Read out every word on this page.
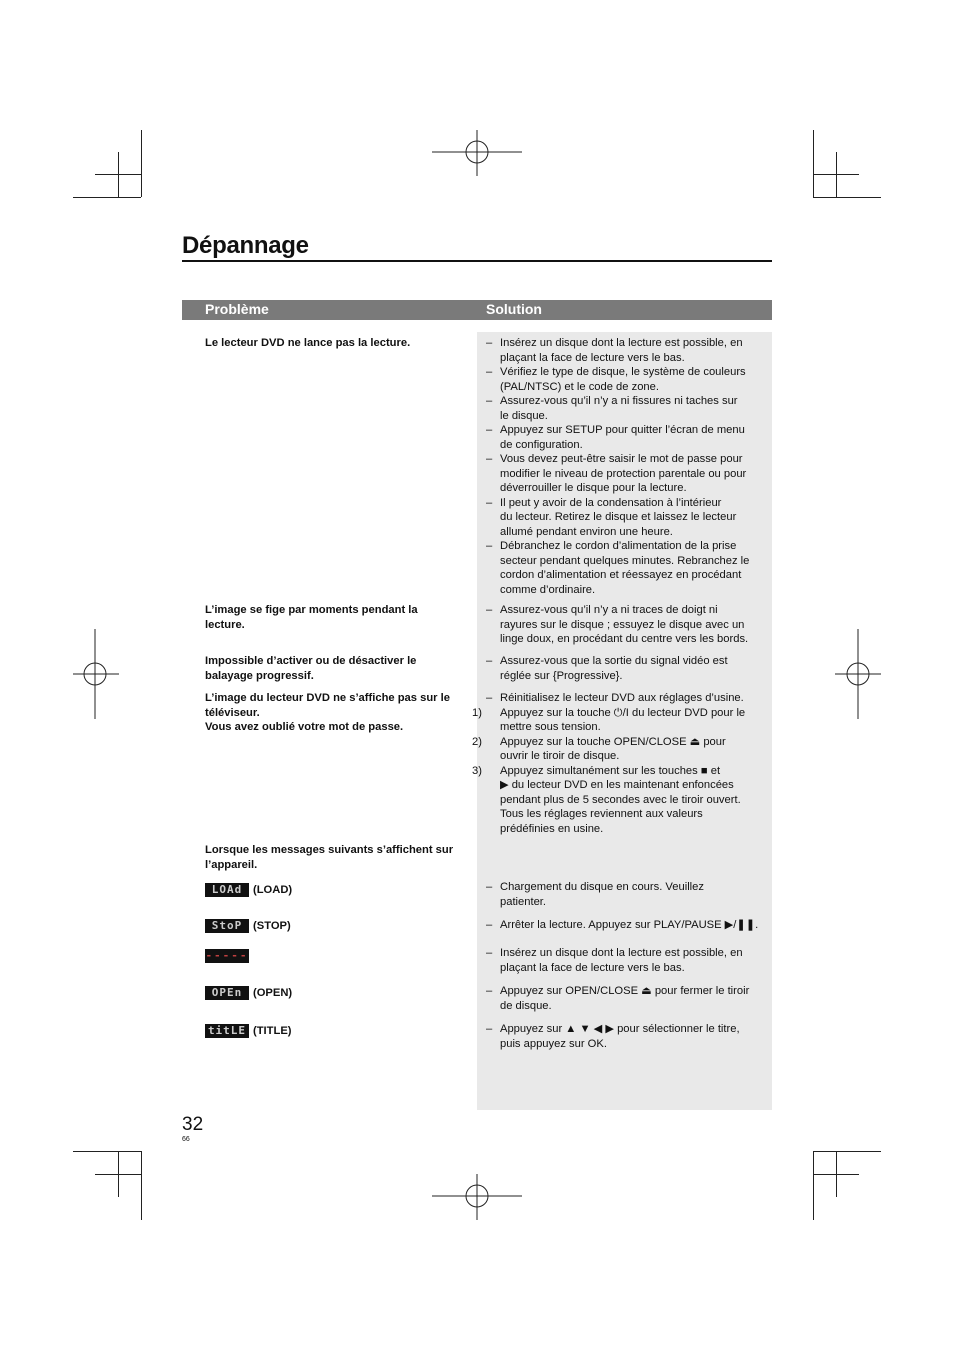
Dépannage
Problème	Solution
Le lecteur DVD ne lance pas la lecture.	– Insérez un disque dont la lecture est possible, en
plaçant la face de lecture vers le bas.
– Vérifiez le type de disque, le système de couleurs
(PAL/NTSC) et le code de zone.
– Assurez-vous qu’il n’y a ni fissures ni taches sur
le disque.
– Appuyez sur SETUP pour quitter l’écran de menu
de configuration.
– Vous devez peut-être saisir le mot de passe pour
modifier le niveau de protection parentale ou pour
déverrouiller le disque pour la lecture.
– Il peut y avoir de la condensation à l’intérieur
du lecteur. Retirez le disque et laissez le lecteur
allumé pendant environ une heure.
– Débranchez le cordon d’alimentation de la prise
secteur pendant quelques minutes. Rebranchez le
cordon d’alimentation et réessayez en procédant
comme d’ordinaire.
L’image se fige par moments pendant la
lecture.
– Assurez-vous qu’il n’y a ni traces de doigt ni
rayures sur le disque ; essuyez le disque avec un
linge doux, en procédant du centre vers les bords.
Impossible d’activer ou de désactiver le
balayage progressif.
– Assurez-vous que la sortie du signal vidéo est
réglée sur {Progressive}.
L’image du lecteur DVD ne s’affiche pas sur le
téléviseur.
Vous avez oublié votre mot de passe.
– Réinitialisez le lecteur DVD aux réglages d’usine.
1) Appuyez sur la touche ⏻/I du lecteur DVD pour le
mettre sous tension.
2) Appuyez sur la touche OPEN/CLOSE ⏏ pour
ouvrir le tiroir de disque.
3) Appuyez simultanément sur les touches ■ et
▶ du lecteur DVD en les maintenant enfoncées
pendant plus de 5 secondes avec le tiroir ouvert.
Tous les réglages reviennent aux valeurs
prédéfinies en usine.
Lorsque les messages suivants s’affichent sur
l’appareil.
LOAd (LOAD)	– Chargement du disque en cours. Veuillez
patienter.
StoP (STOP)	– Arrêter la lecture. Appuyez sur PLAY/PAUSE ▶/❚❚.
-----	– Insérez un disque dont la lecture est possible, en
plaçant la face de lecture vers le bas.
OPEn (OPEN)	– Appuyez sur OPEN/CLOSE ⏏ pour fermer le tiroir
de disque.
titLE (TITLE)	– Appuyez sur ▲ ▼ ◀ ▶ pour sélectionner le titre,
puis appuyez sur OK.
32
66
